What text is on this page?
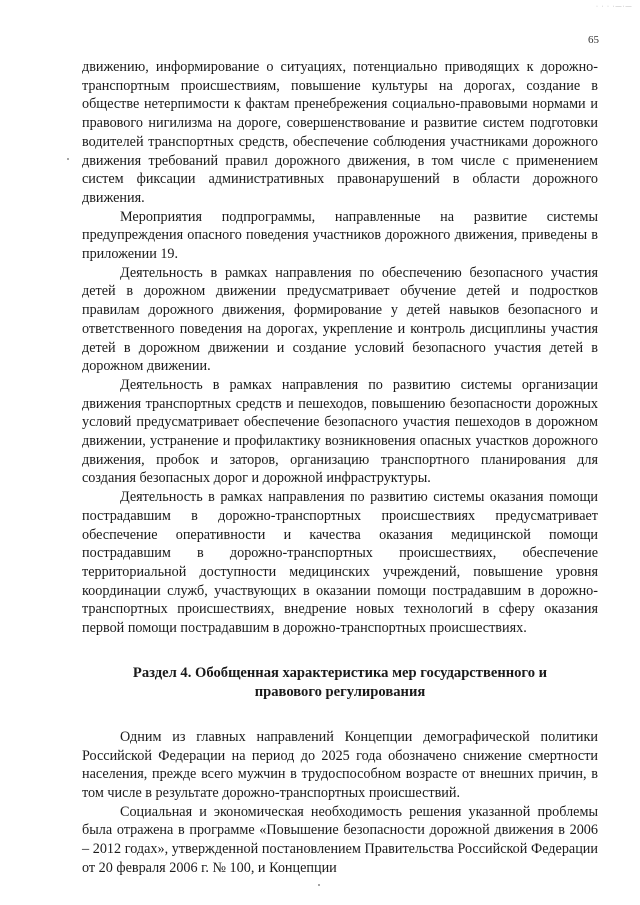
· · · ·—·—
65

движению, информирование о ситуациях, потенциально приводящих к дорожно-транспортным происшествиям, повышение культуры на дорогах, создание в обществе нетерпимости к фактам пренебрежения социально-правовыми нормами и правового нигилизма на дороге, совершенствование и развитие систем подготовки водителей транспортных средств, обеспечение соблюдения участниками дорожного движения требований правил дорожного движения, в том числе с применением систем фиксации административных правонарушений в области дорожного движения.

Мероприятия подпрограммы, направленные на развитие системы предупреждения опасного поведения участников дорожного движения, приведены в приложении 19.

Деятельность в рамках направления по обеспечению безопасного участия детей в дорожном движении предусматривает обучение детей и подростков правилам дорожного движения, формирование у детей навыков безопасного и ответственного поведения на дорогах, укрепление и контроль дисциплины участия детей в дорожном движении и создание условий безопасного участия детей в дорожном движении.

Деятельность в рамках направления по развитию системы организации движения транспортных средств и пешеходов, повышению безопасности дорожных условий предусматривает обеспечение безопасного участия пешеходов в дорожном движении, устранение и профилактику возникновения опасных участков дорожного движения, пробок и заторов, организацию транспортного планирования для создания безопасных дорог и дорожной инфраструктуры.

Деятельность в рамках направления по развитию системы оказания помощи пострадавшим в дорожно-транспортных происшествиях предусматривает обеспечение оперативности и качества оказания медицинской помощи пострадавшим в дорожно-транспортных происшествиях, обеспечение территориальной доступности медицинских учреждений, повышение уровня координации служб, участвующих в оказании помощи пострадавшим в дорожно-транспортных происшествиях, внедрение новых технологий в сферу оказания первой помощи пострадавшим в дорожно-транспортных происшествиях.

Раздел 4. Обобщенная характеристика мер государственного и
правового регулирования

Одним из главных направлений Концепции демографической политики Российской Федерации на период до 2025 года обозначено снижение смертности населения, прежде всего мужчин в трудоспособном возрасте от внешних причин, в том числе в результате дорожно-транспортных происшествий.

Социальная и экономическая необходимость решения указанной проблемы была отражена в программе «Повышение безопасности дорожной движения в 2006 – 2012 годах», утвержденной постановлением Правительства Российской Федерации от 20 февраля 2006 г. № 100, и Концепции
